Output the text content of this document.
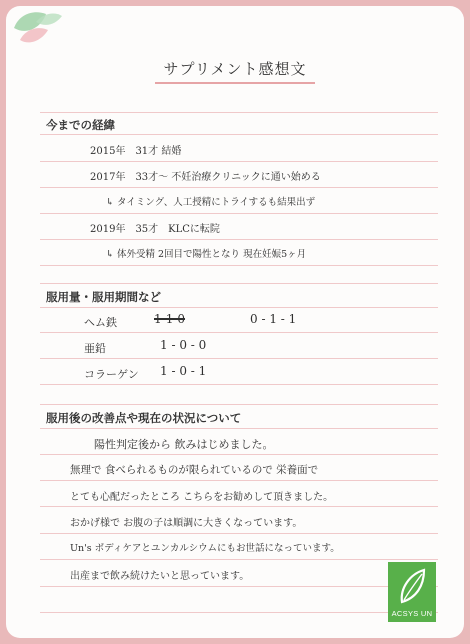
サプリメント感想文
今までの経緯
2015年　31才 結婚
2017年　33才〜 不妊治療クリニックに通い始める
↳ タイミング、人工授精にトライするも結果出ず
2019年　35才　KLCに転院
↳ 体外受精 2回目で陽性となり 現在妊娠5ヶ月
服用量・服用期間など
ヘム鉄	1-1-0	0 - 1 - 1
亜鉛	1 - 0 - 0
コラーゲン 1 - 0 - 1
服用後の改善点や現在の状況について
陽性判定後から 飲みはじめました。
無理で 食べられるものが限られているので 栄養面で
とても心配だったところ こちらをお勧めして頂きました。
おかげ様で お腹の子は順調に大きくなっています。
Un's ボディケアとユンカルシウムにもお世話になっています。
出産まで飲み続けたいと思っています。
ACSYS UN
